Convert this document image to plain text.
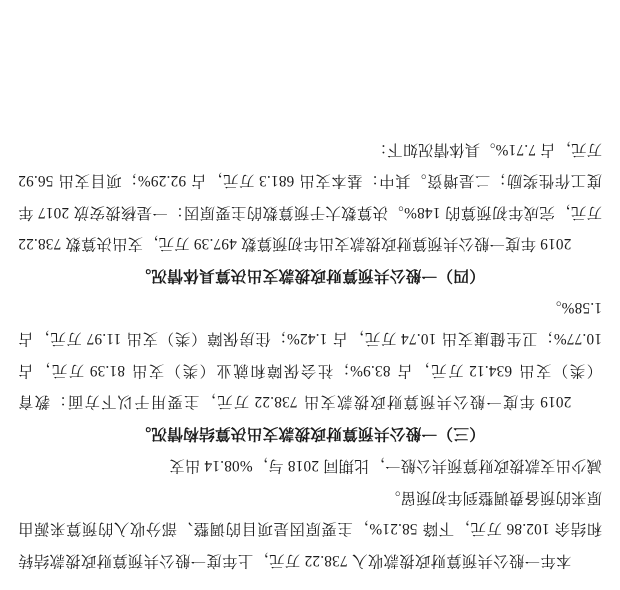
本年一般公共预算财政拨款收入 738.22 万元，上年度一般公共预算财政拨款结转和结余 102.86 万元，下降 58.21%，主要原因是项目的调整、部分收入的预算来源由原来的预备费调整到年初预留。

减少出支款拨政财算预共公般一，比期同 2018 与，%08.14 出支

（三）一般公共预算财政拨款支出决算结构情况。

2019 年度一般公共预算财政拨款支出 738.22 万元，主要用于以下方面：教育（类）支出 634.12 万元，占 83.9%；社会保障和就业（类）支出 81.39 万元，占 10.77%；卫生健康支出 10.74 万元，占 1.42%；住房保障（类）支出 11.97 万元，占 1.58%。

（四）一般公共预算财政拨款支出决算具体情况。

2019 年度一般公共预算财政拨款支出年初预算数 497.39 万元，支出决算数 738.22 万元，完成年初预算的 148%。决算数大于预算数的主要原因：一是核拨安放 2017 年度工作性奖励；二是增资。其中：基本支出 681.3 万元，占 92.29%；项目支出 56.92 万元，占 7.71%。具体情况如下：
